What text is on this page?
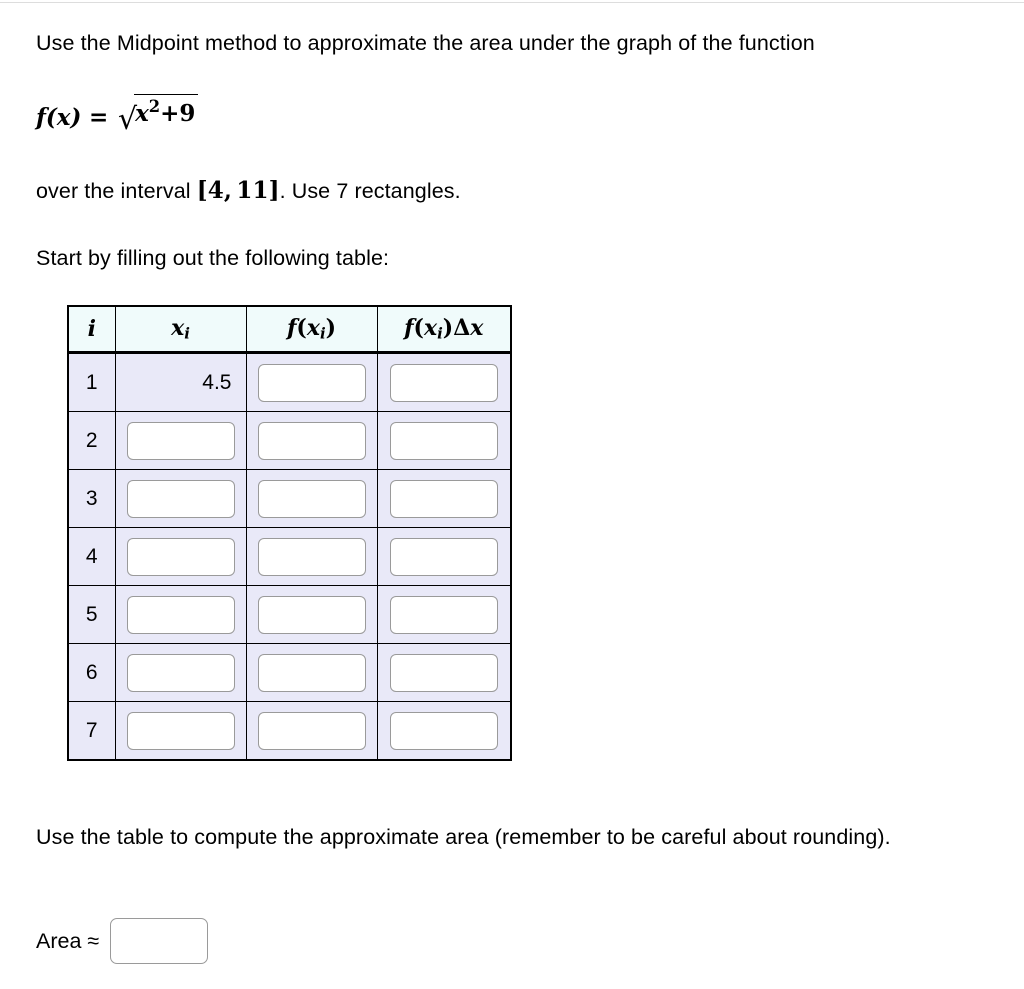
Use the Midpoint method to approximate the area under the graph of the function
$f(x) = √x^2+9$
over the interval [4,  11]. Use 7 rectangles.
Start by filling out the following table:
i	$x_i$	$f(x_i)$	$f(x_i)\Delta x$
1	4.5		

2	

3	

4	

5	

6	

7	

Use the table to compute the approximate area (remember to be careful about rounding).
Area ≈
